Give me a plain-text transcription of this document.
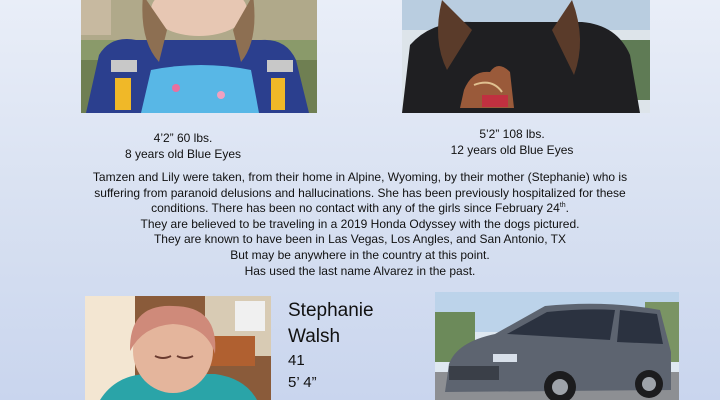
4’2” 60 lbs.
8 years old Blue Eyes
5’2” 108 lbs.
12 years old Blue Eyes
Tamzen and Lily were taken, from their home in Alpine, Wyoming, by their mother (Stephanie) who is
suffering from paranoid delusions and hallucinations. She has been previously hospitalized for these
conditions. There has been no contact with any of the girls since February 24th.
They are believed to be traveling in a 2019 Honda Odyssey with the dogs pictured.
They are known to have been in Las Vegas, Los Angles, and San Antonio, TX
But may be anywhere in the country at this point.
Has used the last name Alvarez in the past.
Stephanie
Walsh
41
5’ 4”
